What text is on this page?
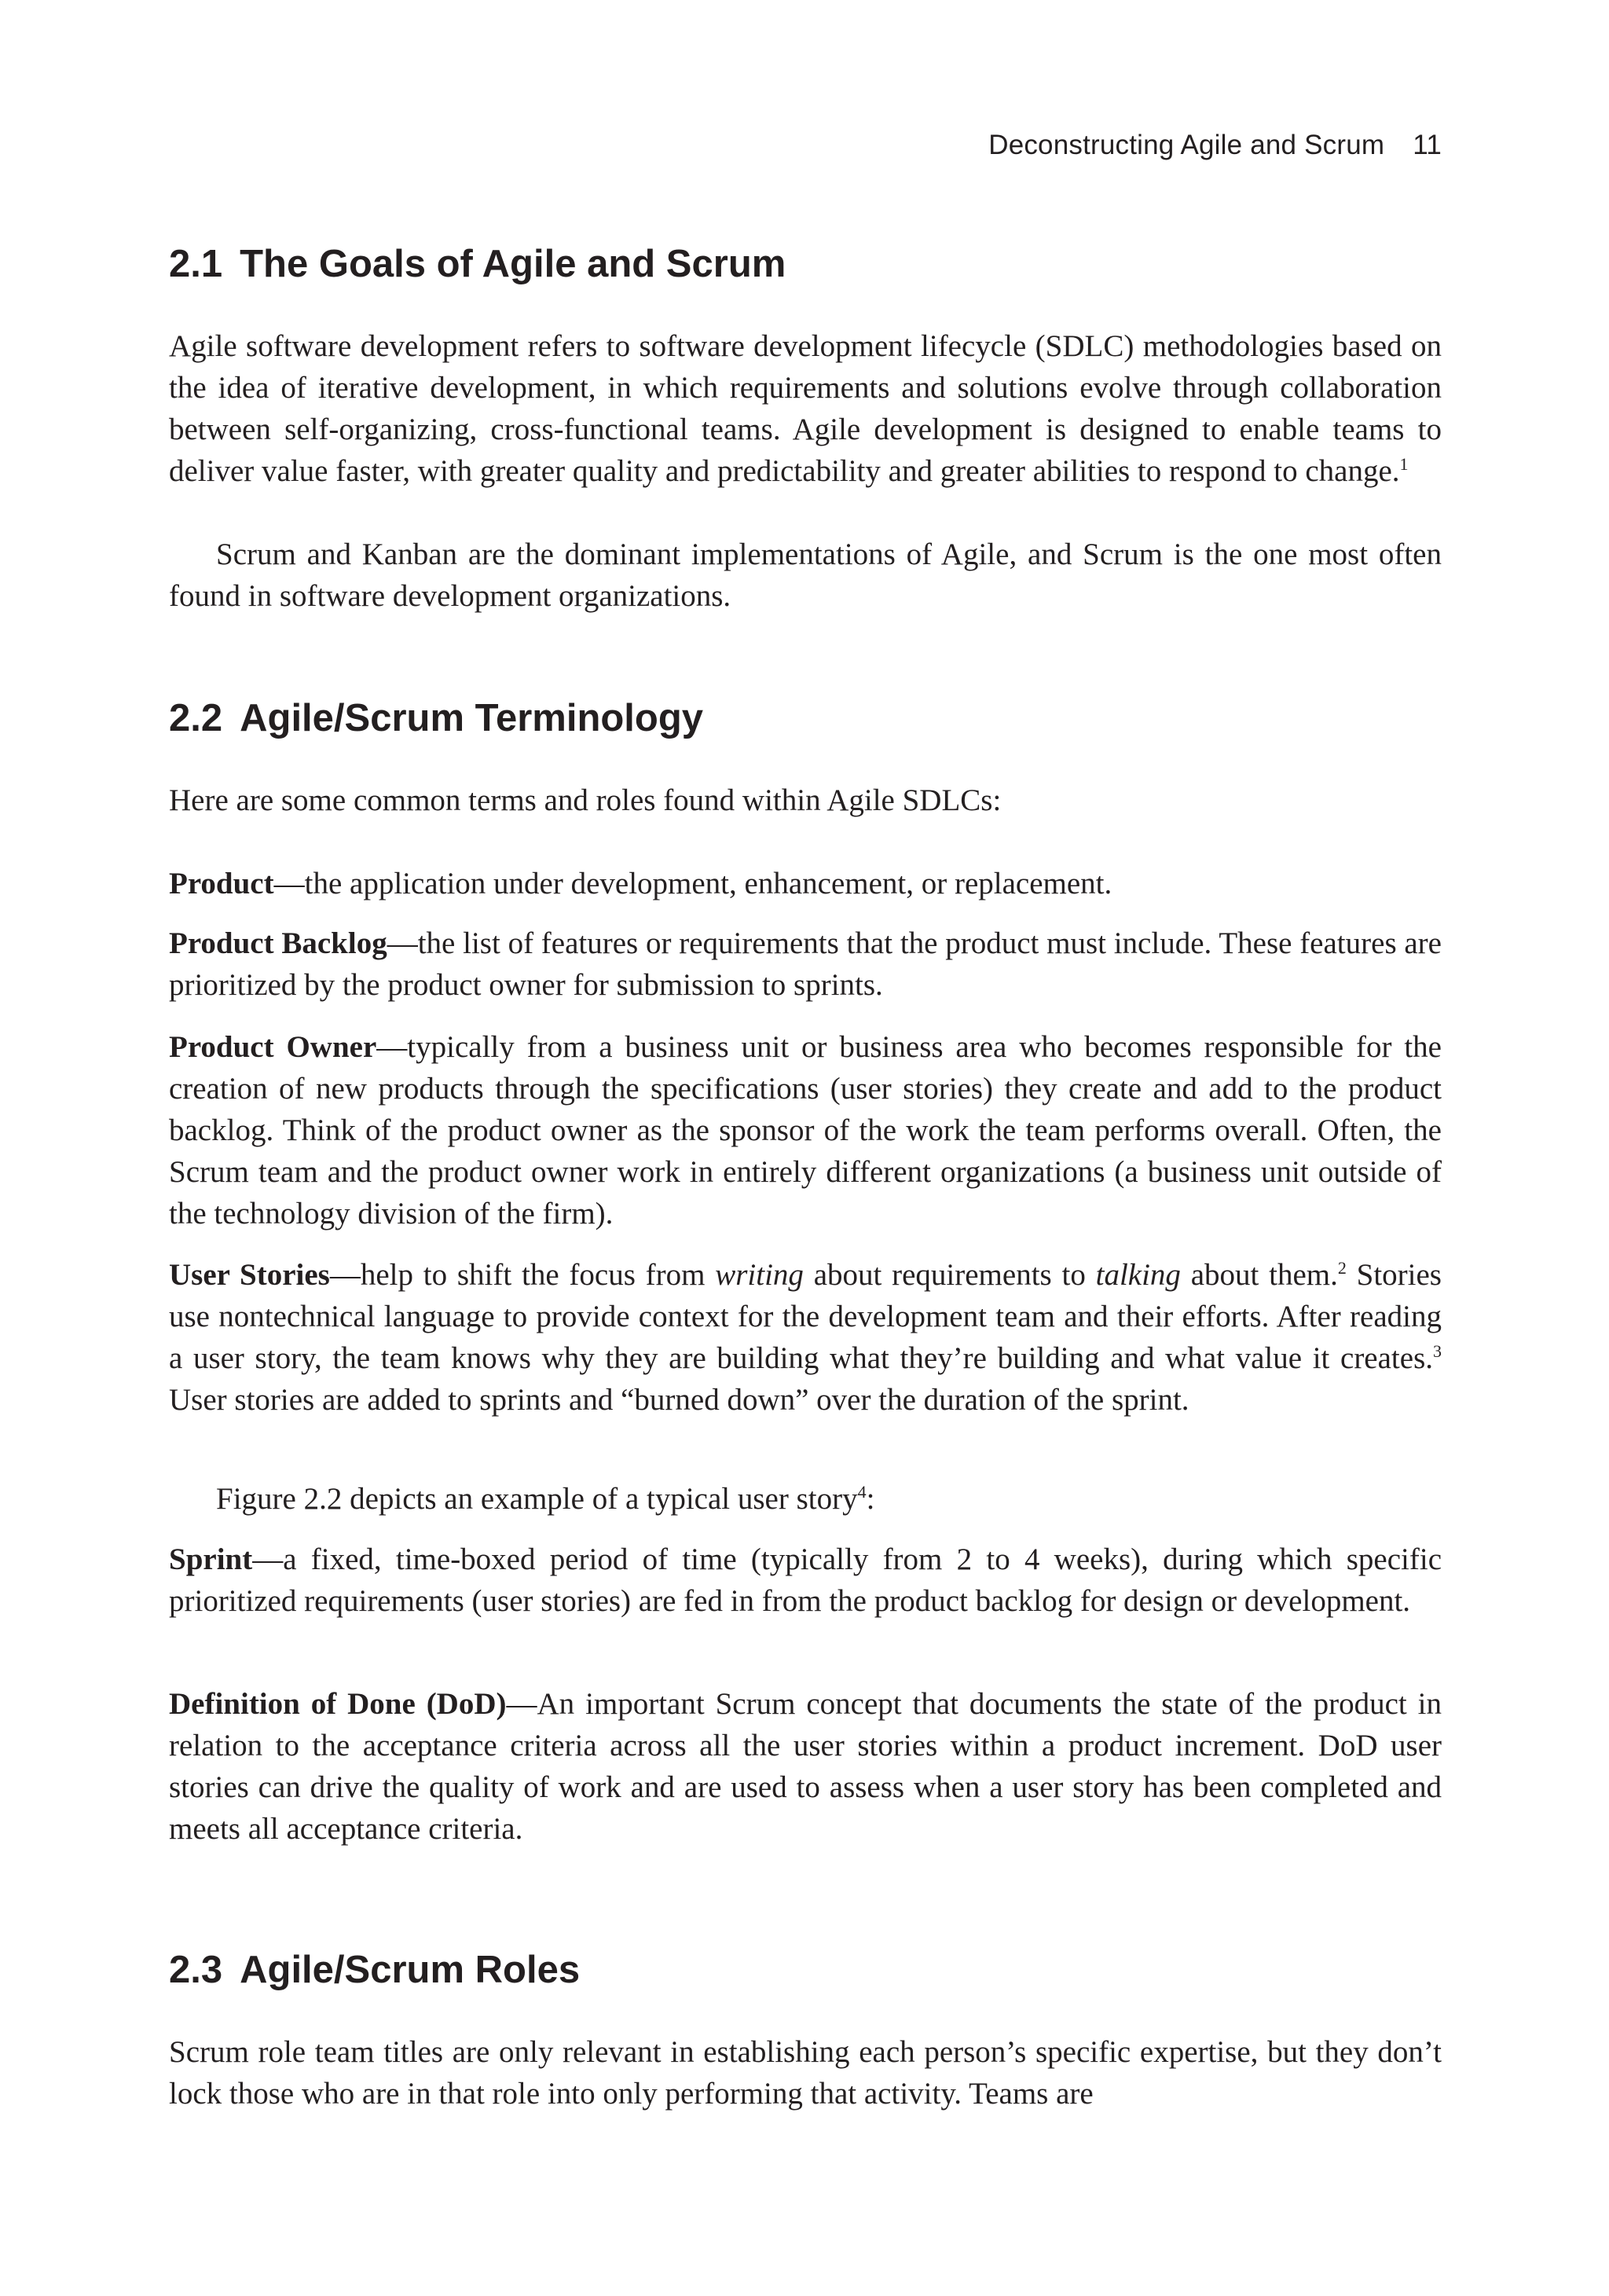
Deconstructing Agile and Scrum 11
2.1 The Goals of Agile and Scrum

Agile software development refers to software development lifecycle (SDLC) methodologies based on the idea of iterative development, in which requirements and solutions evolve through collaboration between self-organizing, cross-functional teams. Agile development is designed to enable teams to deliver value faster, with greater quality and predictability and greater abilities to respond to change.$^1$

Scrum and Kanban are the dominant implementations of Agile, and Scrum is the one most often found in software development organizations.

2.2 Agile/Scrum Terminology

Here are some common terms and roles found within Agile SDLCs:

Product—the application under development, enhancement, or replacement.

Product Backlog—the list of features or requirements that the product must include. These features are prioritized by the product owner for submission to sprints.

Product Owner—typically from a business unit or business area who becomes responsible for the creation of new products through the specifications (user stories) they create and add to the product backlog. Think of the product owner as the sponsor of the work the team performs overall. Often, the Scrum team and the product owner work in entirely different organizations (a business unit outside of the technology division of the firm).

User Stories—help to shift the focus from writing about requirements to talking about them.$^2$ Stories use nontechnical language to provide context for the development team and their efforts. After reading a user story, the team knows why they are building what they’re building and what value it creates.$^3$ User stories are added to sprints and “burned down” over the duration of the sprint.

Figure 2.2 depicts an example of a typical user story$^4$:

Sprint—a fixed, time-boxed period of time (typically from 2 to 4 weeks), during which specific prioritized requirements (user stories) are fed in from the product backlog for design or development.

Definition of Done (DoD)—An important Scrum concept that documents the state of the product in relation to the acceptance criteria across all the user stories within a product increment. DoD user stories can drive the quality of work and are used to assess when a user story has been completed and meets all acceptance criteria.

2.3 Agile/Scrum Roles

Scrum role team titles are only relevant in establishing each person’s specific expertise, but they don’t lock those who are in that role into only performing that activity. Teams are
